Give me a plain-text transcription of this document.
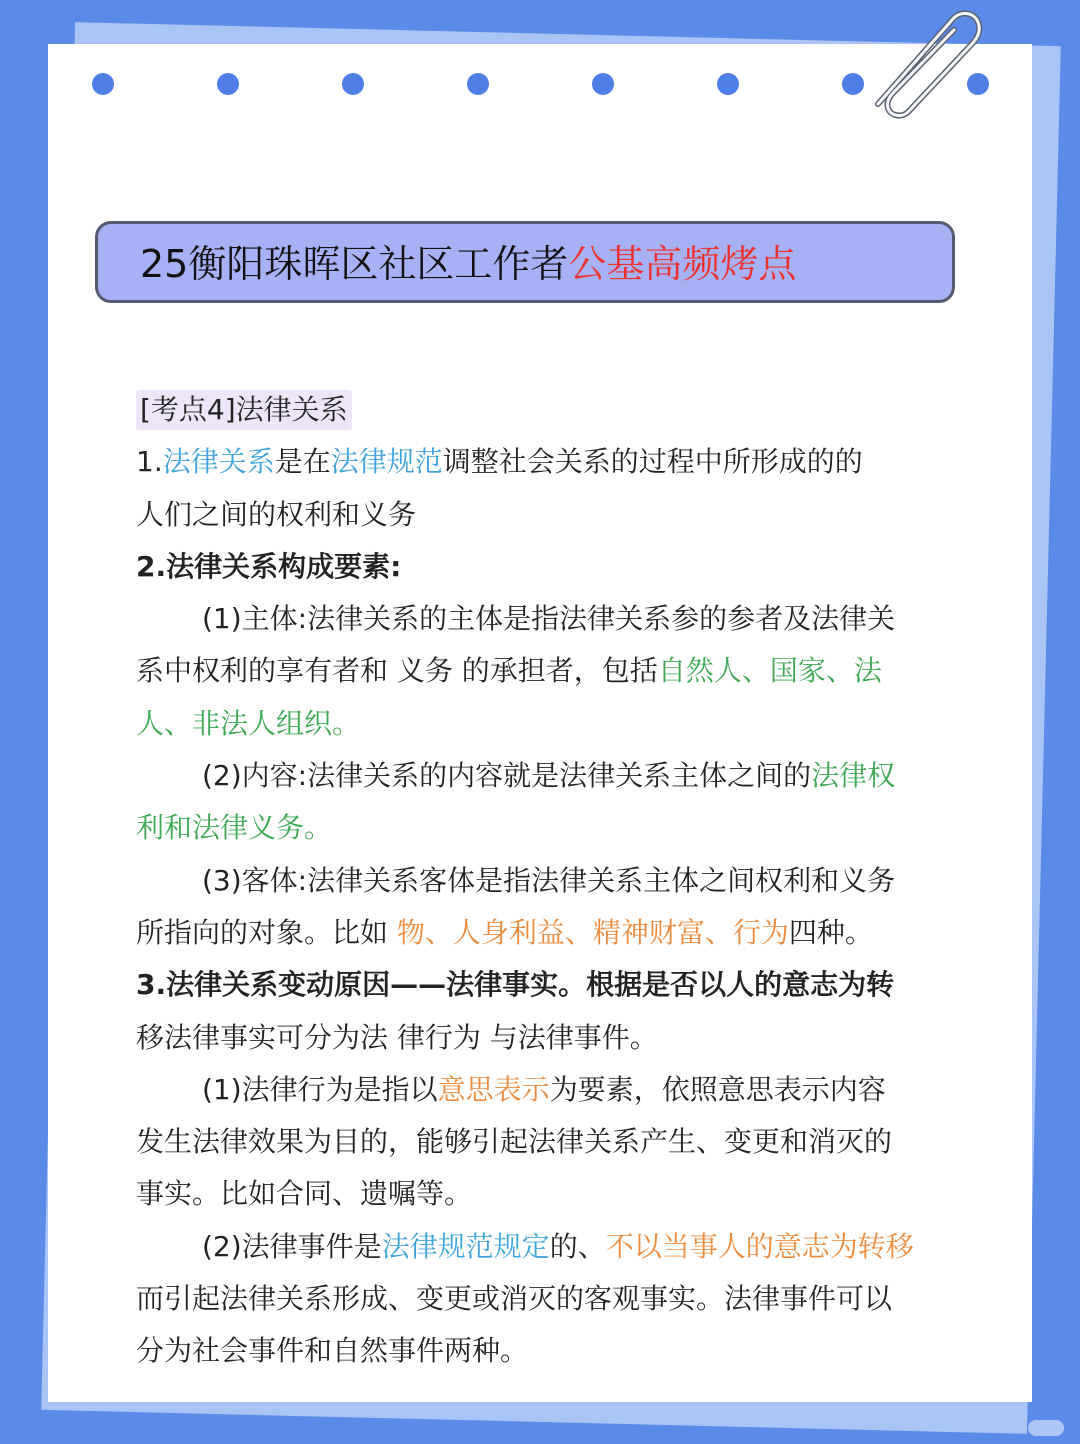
25衡阳珠晖区社区工作者公基高频烤点
[考点4]法律关系
1.法律关系是在法律规范调整社会关系的过程中所形成的的
人们之间的权利和义务
2.法律关系构成要素:
(1)主体:法律关系的主体是指法律关系参的参者及法律关
系中权利的享有者和 义务 的承担者，包括自然人、国家、法
人、非法人组织。
(2)内容:法律关系的内容就是法律关系主体之间的法律权
利和法律义务。
(3)客体:法律关系客体是指法律关系主体之间权利和义务
所指向的对象。比如 物、人身利益、精神财富、行为四种。
3.法律关系变动原因——法律事实。根据是否以人的意志为转
移法律事实可分为法 律行为 与法律事件。
(1)法律行为是指以意思表示为要素，依照意思表示内容
发生法律效果为目的，能够引起法律关系产生、变更和消灭的
事实。比如合同、遗嘱等。
(2)法律事件是法律规范规定的、不以当事人的意志为转移
而引起法律关系形成、变更或消灭的客观事实。法律事件可以
分为社会事件和自然事件两种。
